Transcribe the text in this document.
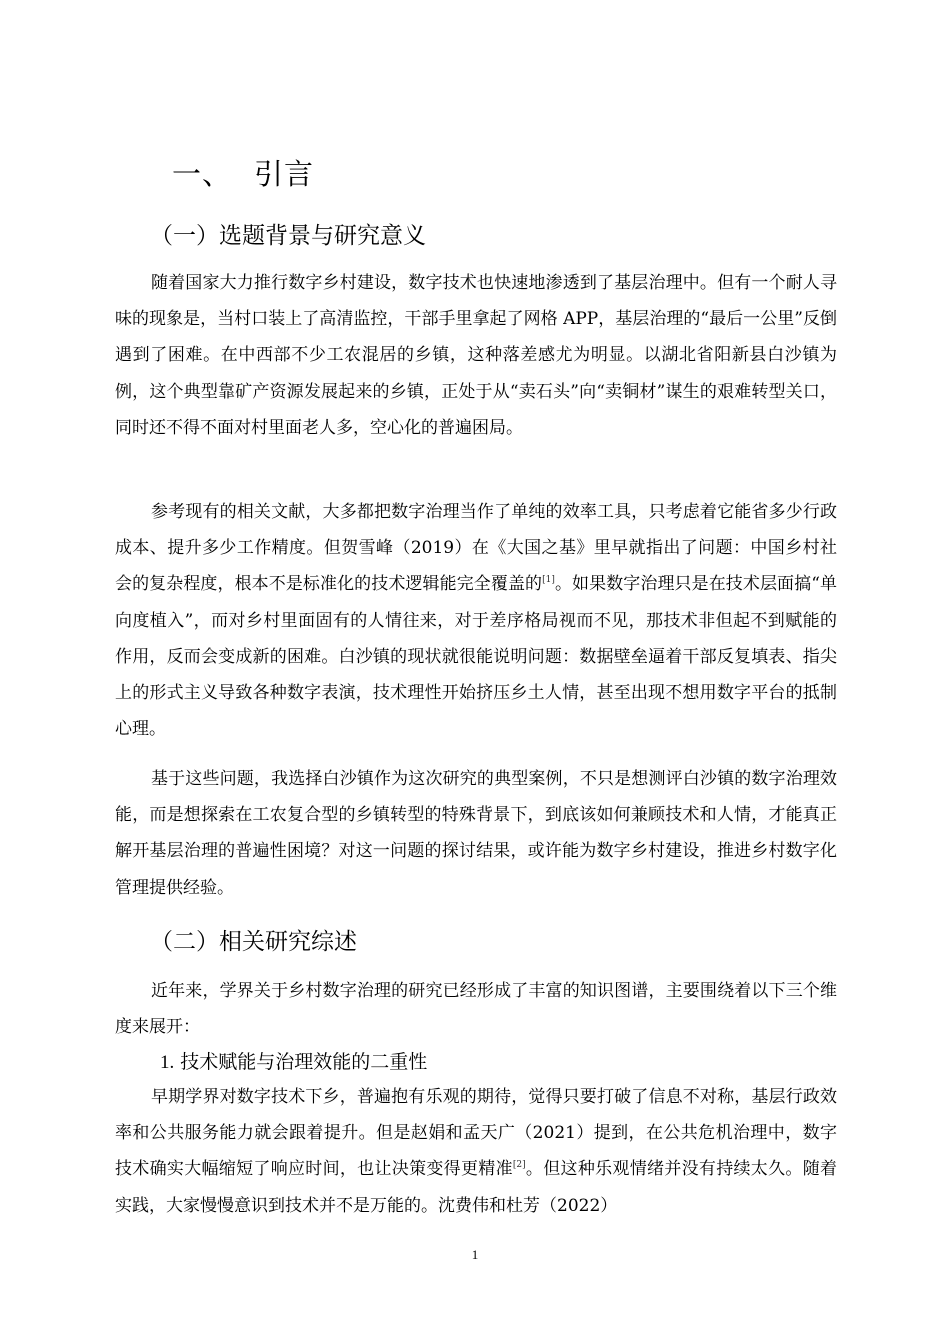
一、 引言
（一）选题背景与研究意义

随着国家大力推行数字乡村建设，数字技术也快速地渗透到了基层治理中。但有一个耐人寻味的现象是，当村口装上了高清监控，干部手里拿起了网格 APP，基层治理的“最后一公里”反倒遇到了困难。在中西部不少工农混居的乡镇，这种落差感尤为明显。以湖北省阳新县白沙镇为例，这个典型靠矿产资源发展起来的乡镇，正处于从“卖石头”向“卖铜材”谋生的艰难转型关口，同时还不得不面对村里面老人多，空心化的普遍困局。

参考现有的相关文献，大多都把数字治理当作了单纯的效率工具，只考虑着它能省多少行政成本、提升多少工作精度。但贺雪峰（2019）在《大国之基》里早就指出了问题：中国乡村社会的复杂程度，根本不是标准化的技术逻辑能完全覆盖的[1]。如果数字治理只是在技术层面搞“单向度植入”，而对乡村里面固有的人情往来，对于差序格局视而不见，那技术非但起不到赋能的作用，反而会变成新的困难。白沙镇的现状就很能说明问题：数据壁垒逼着干部反复填表、指尖上的形式主义导致各种数字表演，技术理性开始挤压乡土人情，甚至出现不想用数字平台的抵制心理。

基于这些问题，我选择白沙镇作为这次研究的典型案例，不只是想测评白沙镇的数字治理效能，而是想探索在工农复合型的乡镇转型的特殊背景下，到底该如何兼顾技术和人情，才能真正解开基层治理的普遍性困境？对这一问题的探讨结果，或许能为数字乡村建设，推进乡村数字化管理提供经验。

（二）相关研究综述

近年来，学界关于乡村数字治理的研究已经形成了丰富的知识图谱，主要围绕着以下三个维度来展开：

1. 技术赋能与治理效能的二重性

早期学界对数字技术下乡，普遍抱有乐观的期待，觉得只要打破了信息不对称，基层行政效率和公共服务能力就会跟着提升。但是赵娟和孟天广（2021）提到，在公共危机治理中，数字技术确实大幅缩短了响应时间，也让决策变得更精准[2]。但这种乐观情绪并没有持续太久。随着实践，大家慢慢意识到技术并不是万能的。沈费伟和杜芳（2022）

1
